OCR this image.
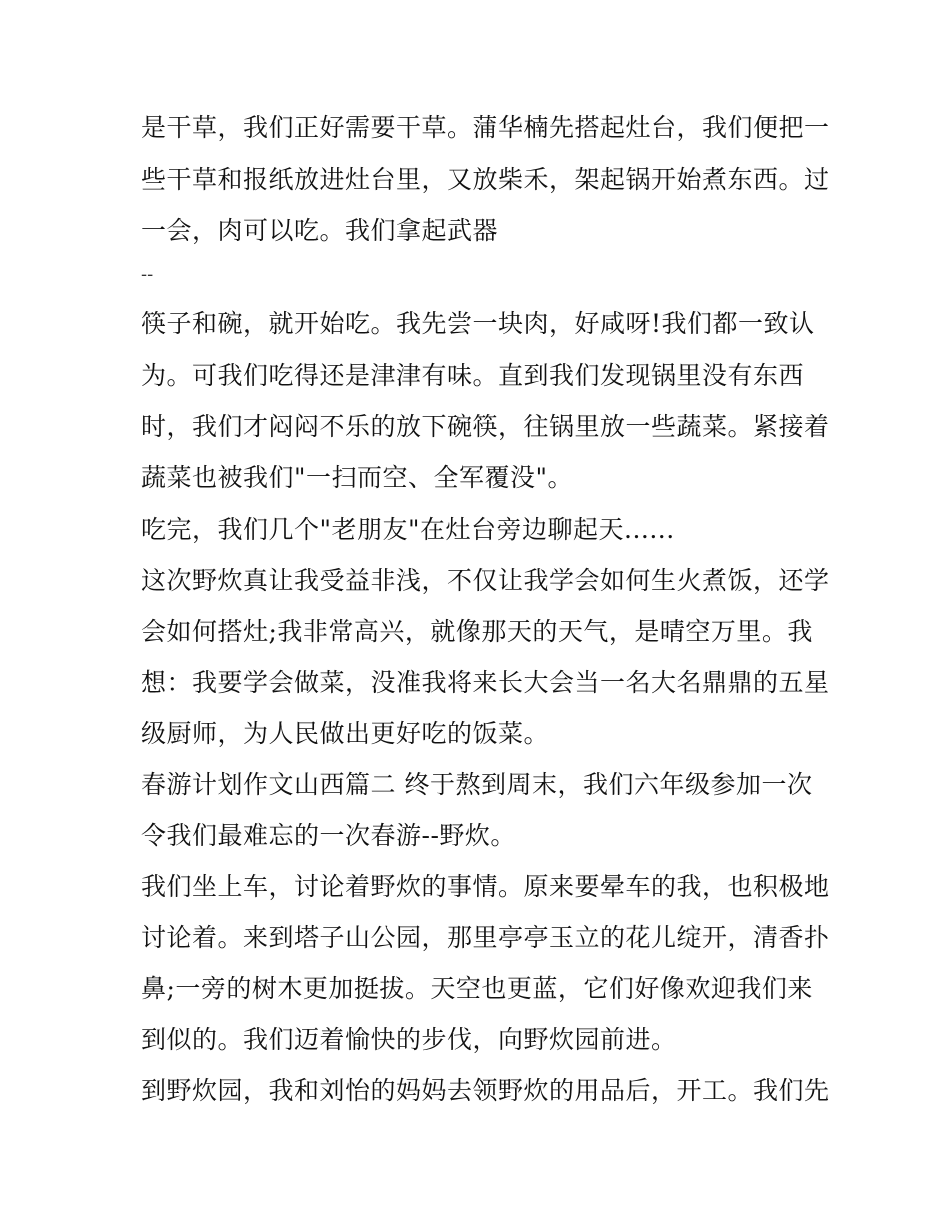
是干草，我们正好需要干草。蒲华楠先搭起灶台，我们便把一
些干草和报纸放进灶台里，又放柴禾，架起锅开始煮东西。过
一会，肉可以吃。我们拿起武器
--
筷子和碗，就开始吃。我先尝一块肉，好咸呀!我们都一致认
为。可我们吃得还是津津有味。直到我们发现锅里没有东西
时，我们才闷闷不乐的放下碗筷，往锅里放一些蔬菜。紧接着
蔬菜也被我们"一扫而空、全军覆没"。
吃完，我们几个"老朋友"在灶台旁边聊起天......
这次野炊真让我受益非浅，不仅让我学会如何生火煮饭，还学
会如何搭灶;我非常高兴，就像那天的天气，是晴空万里。我
想：我要学会做菜，没准我将来长大会当一名大名鼎鼎的五星
级厨师，为人民做出更好吃的饭菜。
春游计划作文山西篇二 终于熬到周末，我们六年级参加一次
令我们最难忘的一次春游--野炊。
我们坐上车，讨论着野炊的事情。原来要晕车的我，也积极地
讨论着。来到塔子山公园，那里亭亭玉立的花儿绽开，清香扑
鼻;一旁的树木更加挺拔。天空也更蓝，它们好像欢迎我们来
到似的。我们迈着愉快的步伐，向野炊园前进。
到野炊园，我和刘怡的妈妈去领野炊的用品后，开工。我们先
